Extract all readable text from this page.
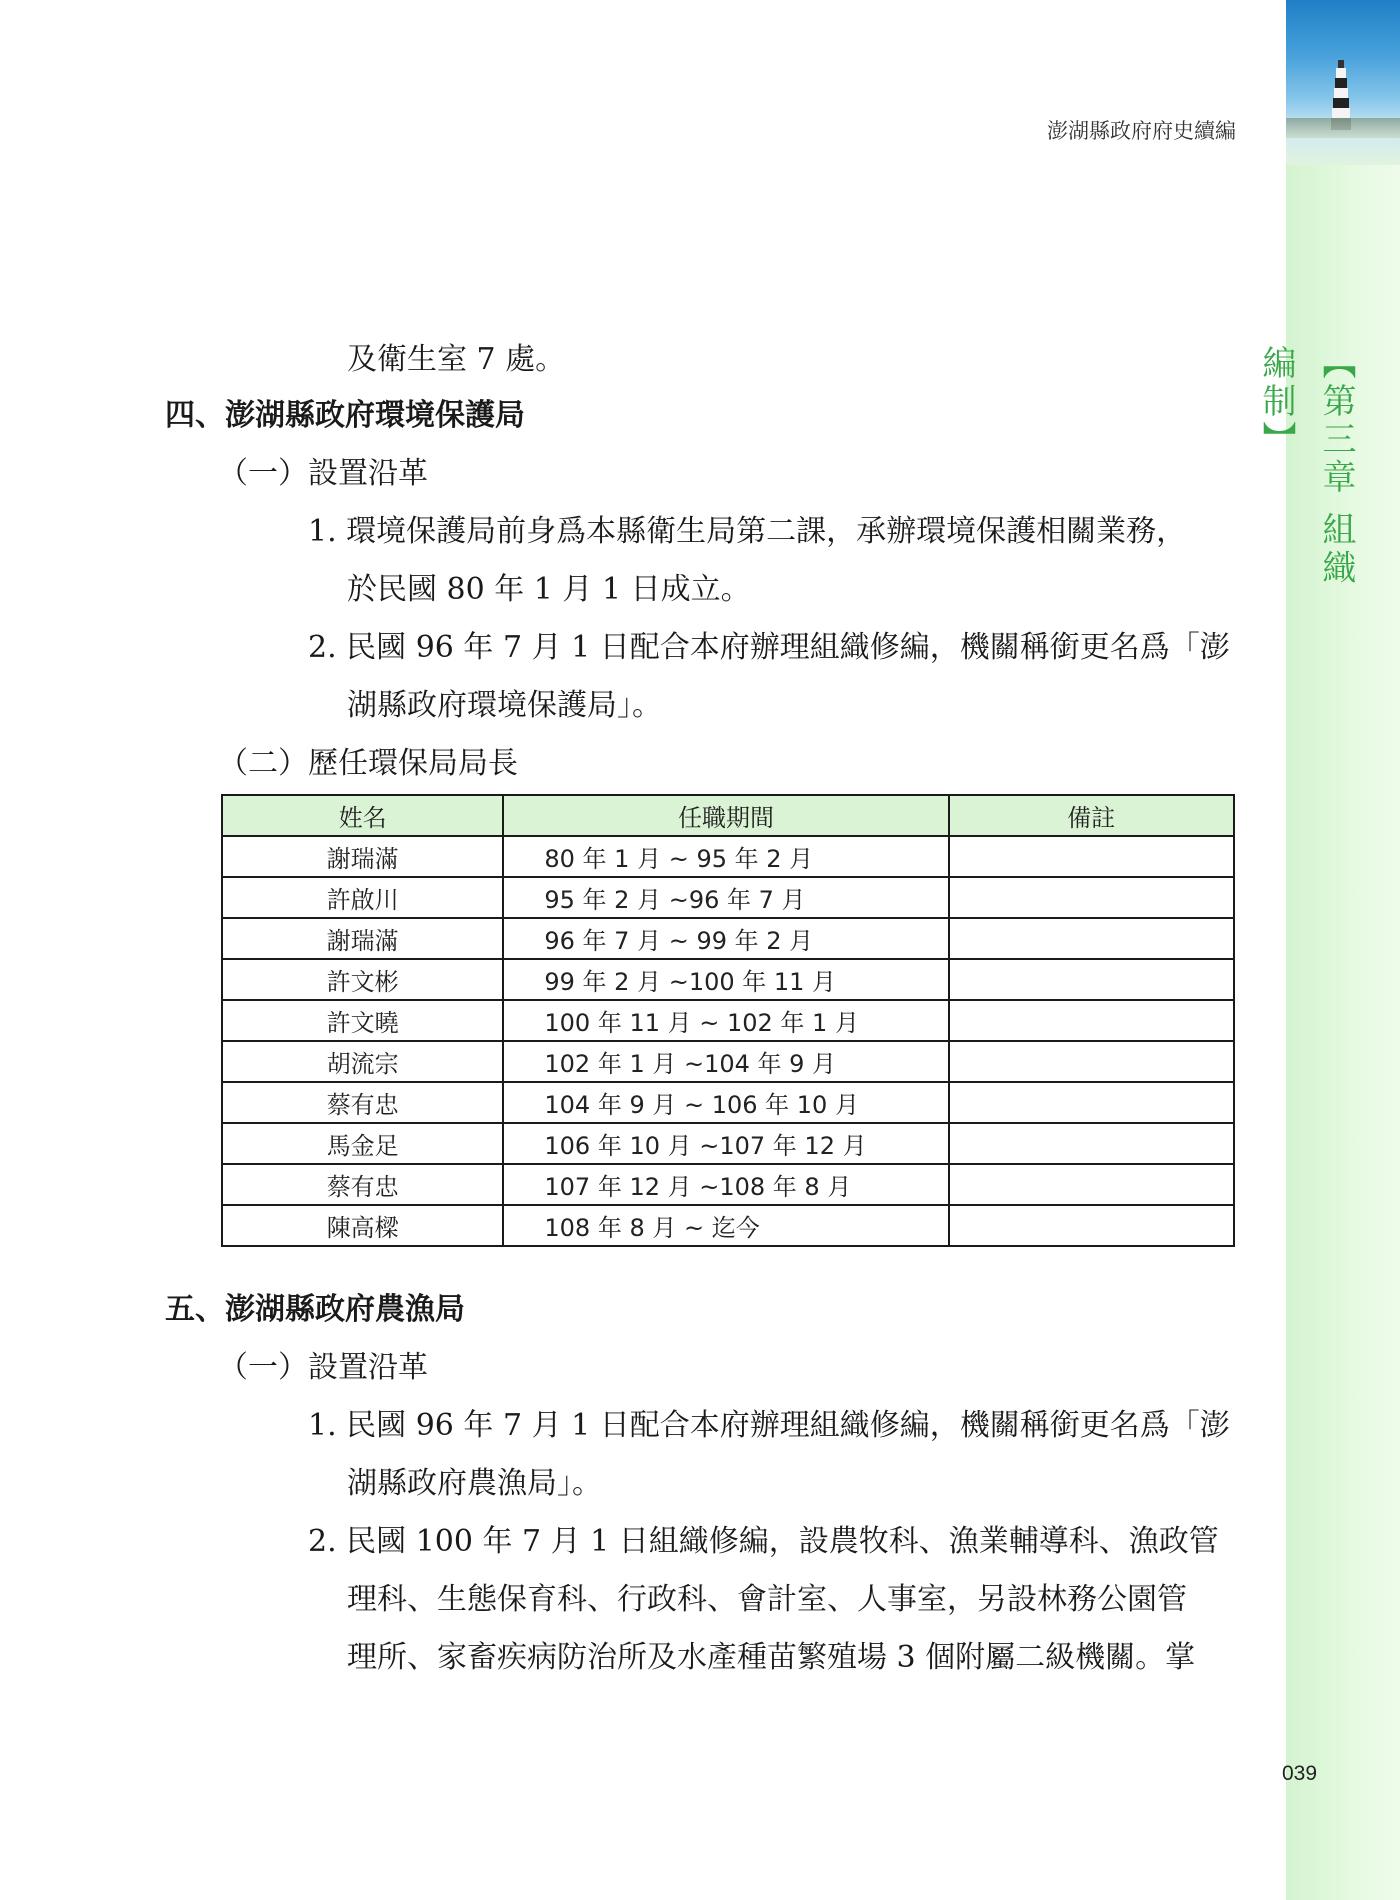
【第三章 組織編制】
澎湖縣政府府史續編
及衛生室 7 處。
四、澎湖縣政府環境保護局
（一）設置沿革
1. 環境保護局前身爲本縣衛生局第二課，承辦環境保護相關業務，
於民國 80 年 1 月 1 日成立。
2. 民國 96 年 7 月 1 日配合本府辦理組織修編，機關稱銜更名爲「澎
湖縣政府環境保護局」。
（二）歷任環保局局長
姓名	任職期間	備註
謝瑞滿	80 年 1 月 ~ 95 年 2 月	
許啟川	95 年 2 月 ~96 年 7 月	
謝瑞滿	96 年 7 月 ~ 99 年 2 月	
許文彬	99 年 2 月 ~100 年 11 月	
許文曉	100 年 11 月 ~ 102 年 1 月	
胡流宗	102 年 1 月 ~104 年 9 月	
蔡有忠	104 年 9 月 ~ 106 年 10 月	
馬金足	106 年 10 月 ~107 年 12 月	
蔡有忠	107 年 12 月 ~108 年 8 月	
陳高樑	108 年 8 月 ~ 迄今	
五、澎湖縣政府農漁局
（一）設置沿革
1. 民國 96 年 7 月 1 日配合本府辦理組織修編，機關稱銜更名爲「澎
湖縣政府農漁局」。
2. 民國 100 年 7 月 1 日組織修編，設農牧科、漁業輔導科、漁政管
理科、生態保育科、行政科、會計室、人事室，另設林務公園管
理所、家畜疾病防治所及水產種苗繁殖場 3 個附屬二級機關。掌
039
